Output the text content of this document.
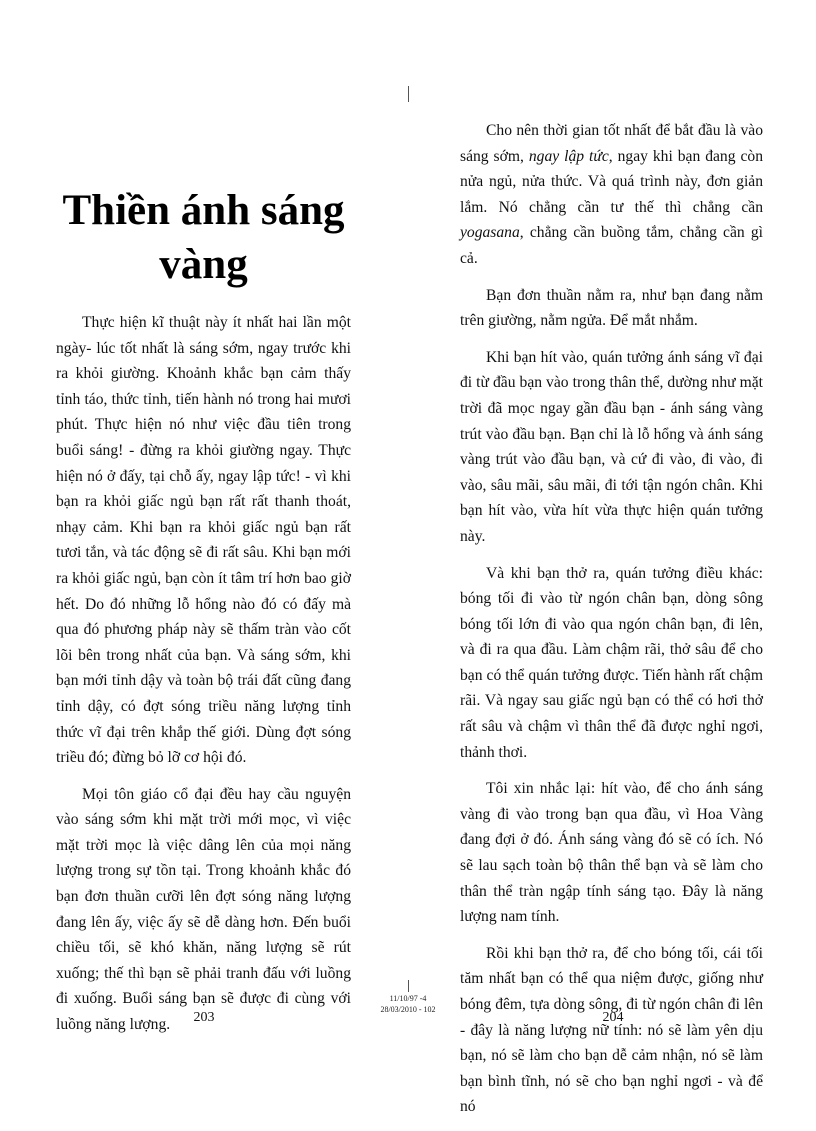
Thiền ánh sáng vàng

Thực hiện kĩ thuật này ít nhất hai lần một ngày- lúc tốt nhất là sáng sớm, ngay trước khi ra khỏi giường. Khoảnh khắc bạn cảm thấy tỉnh táo, thức tỉnh, tiến hành nó trong hai mươi phút. Thực hiện nó như việc đầu tiên trong buổi sáng! - đừng ra khỏi giường ngay. Thực hiện nó ở đấy, tại chỗ ấy, ngay lập tức! - vì khi bạn ra khỏi giấc ngủ bạn rất rất thanh thoát, nhạy cảm. Khi bạn ra khỏi giấc ngủ bạn rất tươi tắn, và tác động sẽ đi rất sâu. Khi bạn mới ra khỏi giấc ngủ, bạn còn ít tâm trí hơn bao giờ hết. Do đó những lỗ hổng nào đó có đấy mà qua đó phương pháp này sẽ thấm tràn vào cốt lõi bên trong nhất của bạn. Và sáng sớm, khi bạn mới tỉnh dậy và toàn bộ trái đất cũng đang tỉnh dậy, có đợt sóng triều năng lượng tỉnh thức vĩ đại trên khắp thế giới. Dùng đợt sóng triều đó; đừng bỏ lỡ cơ hội đó.

Mọi tôn giáo cổ đại đều hay cầu nguyện vào sáng sớm khi mặt trời mới mọc, vì việc mặt trời mọc là việc dâng lên của mọi năng lượng trong sự tồn tại. Trong khoảnh khắc đó bạn đơn thuần cưỡi lên đợt sóng năng lượng đang lên ấy, việc ấy sẽ dễ dàng hơn. Đến buổi chiều tối, sẽ khó khăn, năng lượng sẽ rút xuống; thế thì bạn sẽ phải tranh đấu với luồng đi xuống. Buổi sáng bạn sẽ được đi cùng với luồng năng lượng.

Cho nên thời gian tốt nhất để bắt đầu là vào sáng sớm, ngay lập tức, ngay khi bạn đang còn nửa ngủ, nửa thức. Và quá trình này, đơn giản lắm. Nó chẳng cần tư thế thì chẳng cần yogasana, chẳng cần buồng tắm, chẳng cần gì cả.

Bạn đơn thuần nằm ra, như bạn đang nằm trên giường, nằm ngửa. Để mắt nhắm.

Khi bạn hít vào, quán tưởng ánh sáng vĩ đại đi từ đầu bạn vào trong thân thể, dường như mặt trời đã mọc ngay gần đầu bạn - ánh sáng vàng trút vào đầu bạn. Bạn chỉ là lỗ hổng và ánh sáng vàng trút vào đầu bạn, và cứ đi vào, đi vào, đi vào, sâu mãi, sâu mãi, đi tới tận ngón chân. Khi bạn hít vào, vừa hít vừa thực hiện quán tưởng này.

Và khi bạn thở ra, quán tưởng điều khác: bóng tối đi vào từ ngón chân bạn, dòng sông bóng tối lớn đi vào qua ngón chân bạn, đi lên, và đi ra qua đầu. Làm chậm rãi, thở sâu để cho bạn có thể quán tưởng được. Tiến hành rất chậm rãi. Và ngay sau giấc ngủ bạn có thể có hơi thở rất sâu và chậm vì thân thể đã được nghỉ ngơi, thảnh thơi.

Tôi xin nhắc lại: hít vào, để cho ánh sáng vàng đi vào trong bạn qua đầu, vì Hoa Vàng đang đợi ở đó. Ánh sáng vàng đó sẽ có ích. Nó sẽ lau sạch toàn bộ thân thể bạn và sẽ làm cho thân thể tràn ngập tính sáng tạo. Đây là năng lượng nam tính.

Rồi khi bạn thở ra, để cho bóng tối, cái tối tăm nhất bạn có thể qua niệm được, giống như bóng đêm, tựa dòng sông, đi từ ngón chân đi lên - đây là năng lượng nữ tính: nó sẽ làm yên dịu bạn, nó sẽ làm cho bạn dễ cảm nhận, nó sẽ làm bạn bình tĩnh, nó sẽ cho bạn nghỉ ngơi - và để nó

11/10/97 -4
28/03/2010 - 102
203	204
